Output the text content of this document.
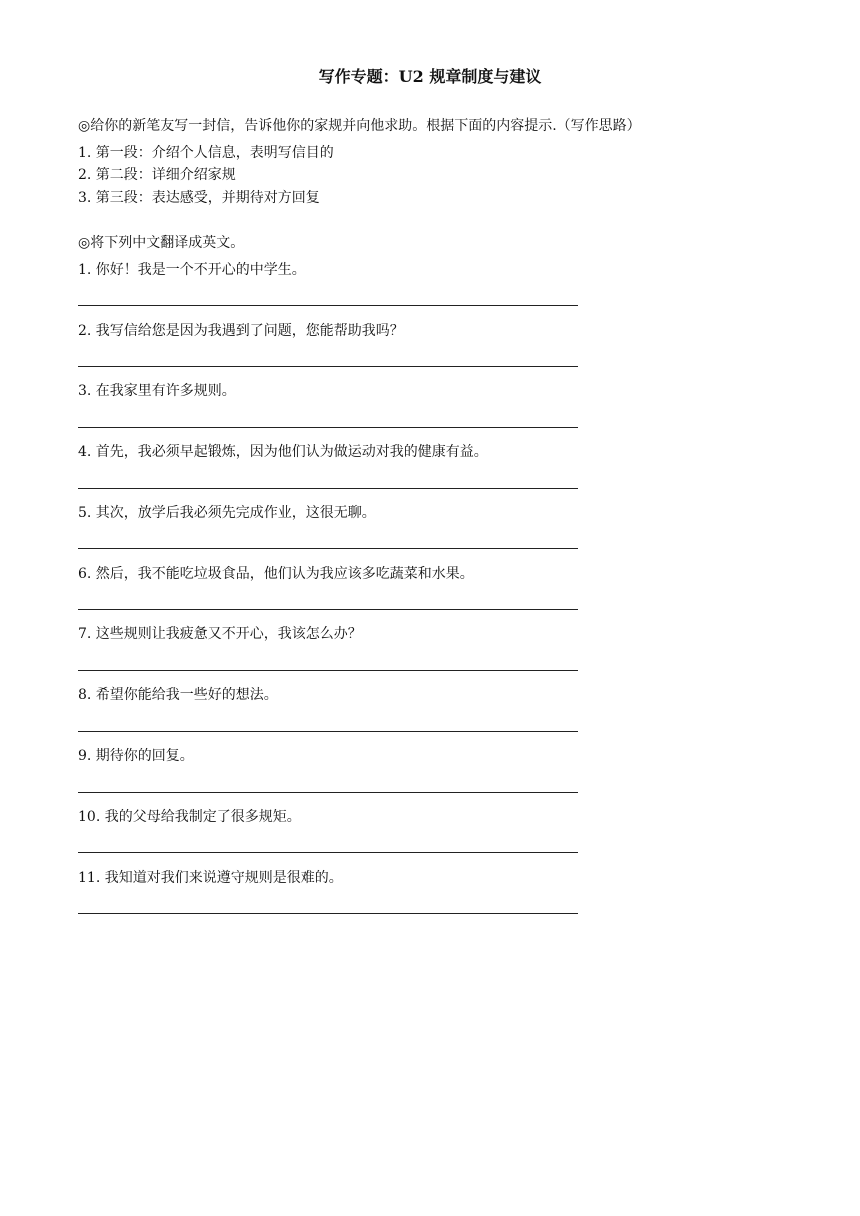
写作专题：U2 规章制度与建议
◎给你的新笔友写一封信，告诉他你的家规并向他求助。根据下面的内容提示.（写作思路）
1. 第一段：介绍个人信息，表明写信目的
2. 第二段：详细介绍家规
3. 第三段：表达感受，并期待对方回复
◎将下列中文翻译成英文。
1. 你好！我是一个不开心的中学生。
2. 我写信给您是因为我遇到了问题，您能帮助我吗？
3. 在我家里有许多规则。
4. 首先，我必须早起锻炼，因为他们认为做运动对我的健康有益。
5. 其次，放学后我必须先完成作业，这很无聊。
6. 然后，我不能吃垃圾食品，他们认为我应该多吃蔬菜和水果。
7. 这些规则让我疲惫又不开心，我该怎么办？
8. 希望你能给我一些好的想法。
9. 期待你的回复。
10. 我的父母给我制定了很多规矩。
11. 我知道对我们来说遵守规则是很难的。
